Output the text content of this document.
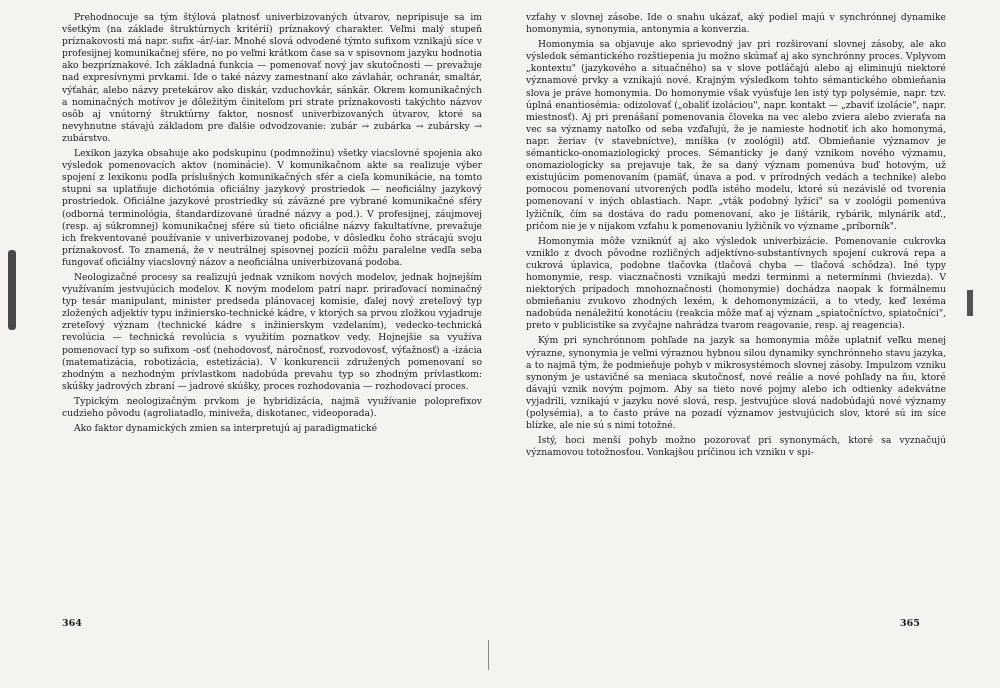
Prehodnocuje sa tým štýlová platnosť univerbizovaných útvarov, nepripisuje sa im všetkým (na základe štruktúrnych kritérií) príznakový charakter. Veľmi malý stupeň príznakovosti má napr. sufix -ár/-iar. Mnohé slová odvodené týmto sufixom vznikajú síce v profesijnej komunikačnej sfére, no po veľmi krátkom čase sa v spisovnom jazyku hodnotia ako bezpríznakové. Ich základná funkcia — pomenovať nový jav skutočnosti — prevažuje nad expresívnymi prvkami. Ide o také názvy zamestnaní ako závlahár, ochranár, smaltár, výťahár, alebo názvy pretekárov ako diskár, vzduchovkár, sánkár. Okrem komunikačných a nominačných motívov je dôležitým činiteľom pri strate príznakovosti takýchto názvov osôb aj vnútorný štruktúrny faktor, nosnosť univerbizovaných útvarov, ktoré sa nevyhnutne stávajú základom pre ďalšie odvodzovanie: zubár → zubárka → zubársky → zubárstvo.

Lexikon jazyka obsahuje ako podskupinu (podmnožinu) všetky viacslovné spojenia ako výsledok pomenovacích aktov (nominácie). V komunikačnom akte sa realizuje výber spojení z lexikonu podľa príslušných komunikačných sfér a cieľa komunikácie, na tomto stupni sa uplatňuje dichotómia oficiálny jazykový prostriedok — neoficiálny jazykový prostriedok. Oficiálne jazykové prostriedky sú záväzné pre vybrané komunikačné sféry (odborná terminológia, štandardizované úradné názvy a pod.). V profesijnej, záujmovej (resp. aj súkromnej) komunikačnej sfére sú tieto oficiálne názvy fakultatívne, prevažuje ich frekventované používanie v univerbizovanej podobe, v dôsledku čoho strácajú svoju príznakovosť. To znamená, že v neutrálnej spisovnej pozícii môžu paralelne vedľa seba fungovať oficiálny viacslovný názov a neoficiálna univerbizovaná podoba.

Neologizačné procesy sa realizujú jednak vznikom nových modelov, jednak hojnejším využívaním jestvujúcich modelov. K novým modelom patrí napr. priraďovací nominačný typ tesár manipulant, minister predseda plánovacej komisie, ďalej nový zreteľový typ zložených adjektív typu inžiniersko-technické kádre, v ktorých sa prvou zložkou vyjadruje zreteľový význam (technické kádre s inžinierskym vzdelaním), vedecko-technická revolúcia — technická revolúcia s využitím poznatkov vedy. Hojnejšie sa využíva pomenovací typ so sufixom -osť (nehodovosť, náročnosť, rozvodovosť, výťažnosť) a -izácia (matematizácia, robotizácia, estetizácia). V konkurencii združených pomenovaní so zhodným a nezhodným prívlastkom nadobúda prevahu typ so zhodným prívlastkom: skúšky jadrových zbraní — jadrové skúšky, proces rozhodovania — rozhodovací proces.

Typickým neologizačným prvkom je hybridizácia, najmä využívanie poloprefixov cudzieho pôvodu (agroliatadlo, miniveža, diskotanec, videoporada).

Ako faktor dynamických zmien sa interpretujú aj paradigmatické

364

vzťahy v slovnej zásobe. Ide o snahu ukázať, aký podiel majú v synchrónnej dynamike homonymia, synonymia, antonymia a konverzia.

Homonymia sa objavuje ako sprievodný jav pri rozširovaní slovnej zásoby, ale ako výsledok sémantického rozštiepenia ju možno skúmať aj ako synchrónny proces. Vplyvom „kontextu" (jazykového a situačného) sa v slove potláčajú alebo aj eliminujú niektoré významové prvky a vznikajú nové. Krajným výsledkom tohto sémantického obmieňania slova je práve homonymia. Do homonymie však vyúsťuje len istý typ polysémie, napr. tzv. úplná enantiosémia: odizolovať („obaliť izoláciou", napr. kontakt — „zbaviť izolácie", napr. miestnosť). Aj pri prenášaní pomenovania človeka na vec alebo zviera alebo zvieraťa na vec sa významy natoľko od seba vzďaľujú, že je namieste hodnotiť ich ako homonymá, napr. žeriav (v stavebníctve), mníška (v zoológii) atď. Obmieňanie významov je sémanticko-onomaziologický proces. Sémanticky je daný vznikom nového významu, onomaziologicky sa prejavuje tak, že sa daný význam pomenúva buď hotovým, už existujúcim pomenovaním (pamäť, únava a pod. v prírodných vedách a technike) alebo pomocou pomenovaní utvorených podľa istého modelu, ktoré sú nezávislé od tvorenia pomenovaní v iných oblastiach. Napr. „vták podobný lyžici" sa v zoológii pomenúva lyžičník, čím sa dostáva do radu pomenovaní, ako je lištárik, rybárik, mlynárik atď., pričom nie je v nijakom vzťahu k pomenovaniu lyžičník vo význame „príborník".

Homonymia môže vzniknúť aj ako výsledok univerbizácie. Pomenovanie cukrovka vzniklo z dvoch pôvodne rozličných adjektívno-substantívnych spojení cukrová repa a cukrová úplavica, podobne tlačovka (tlačová chyba — tlačová schôdza). Iné typy homonymie, resp. viacznačnosti vznikajú medzi terminmi a netermínmi (hviezda). V niektorých prípadoch mnohoznačnosti (homonymie) dochádza naopak k formálnemu obmieňaniu zvukovo zhodných lexém, k dehomonymizácii, a to vtedy, keď lexéma nadobúda nenáležitú konotáciu (reakcia môže mať aj význam „spiatočníctvo, spiatočníci", preto v publicistike sa zvyčajne nahrádza tvarom reagovanie, resp. aj reagencia).

Kým pri synchrónnom pohľade na jazyk sa homonymia môže uplatniť veľku menej výrazne, synonymia je veľmi výraznou hybnou silou dynamiky synchrónneho stavu jazyka, a to najmä tým, že podmieňuje pohyb v mikrosystémoch slovnej zásoby. Impulzom vzniku synoným je ustavičné sa meniaca skutočnosť, nové reálie a nové pohľady na ňu, ktoré dávajú vznik novým pojmom. Aby sa tieto nové pojmy alebo ich odtienky adekvátne vyjadrili, vznikajú v jazyku nové slová, resp. jestvujúce slová nadobúdajú nové významy (polysémia), a to často práve na pozadí významov jestvujúcich slov, ktoré sú im síce blízke, ale nie sú s nimi totožné.

Istý, hoci menší pohyb možno pozorovať pri synonymách, ktoré sa vyznačujú významovou totožnosťou. Vonkajšou príčinou ich vzniku v spi-

365
